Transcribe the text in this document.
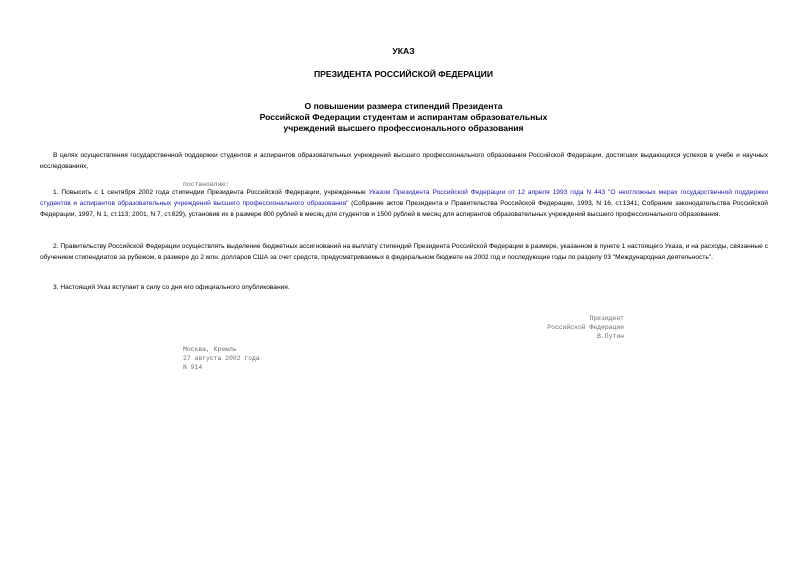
УКАЗ
ПРЕЗИДЕНТА РОССИЙСКОЙ ФЕДЕРАЦИИ
О повышении размера стипендий Президента
Российской Федерации студентам и аспирантам образовательных
учреждений высшего профессионального образования
В целях осуществления государственной поддержки студентов и аспирантов образовательных учреждений высшего профессионального образования Российской Федерации, достигших выдающихся успехов в учебе и научных исследованиях,
постановляю:
1. Повысить с 1 сентября 2002 года стипендии Президента Российской Федерации, учрежденные Указом Президента Российской Федерации от 12 апреля 1993 года N 443 "О неотложных мерах государственной поддержки студентов и аспирантов образовательных учреждений высшего профессионального образования" (Собрание актов Президента и Правительства Российской Федерации, 1993, N 16, ст.1341; Собрание законодательства Российской Федерации, 1997, N 1, ст.113; 2001, N 7, ст.629), установив их в размере 800 рублей в месяц для студентов и 1500 рублей в месяц для аспирантов образовательных учреждений высшего профессионального образования.
2. Правительству Российской Федерации осуществлять выделение бюджетных ассигнований на выплату стипендий Президента Российской Федерации в размере, указанном в пункте 1 настоящего Указа, и на расходы, связанные с обучением стипендиатов за рубежом, в размере до 2 млн. долларов США за счет средств, предусматриваемых в федеральном бюджете на 2002 год и последующие годы по разделу 03 "Международная деятельность".
3. Настоящий Указ вступает в силу со дня его официального опубликования.
Президент
Российской Федерации
В.Путин
Москва, Кремль
27 августа 2002 года
N 914
